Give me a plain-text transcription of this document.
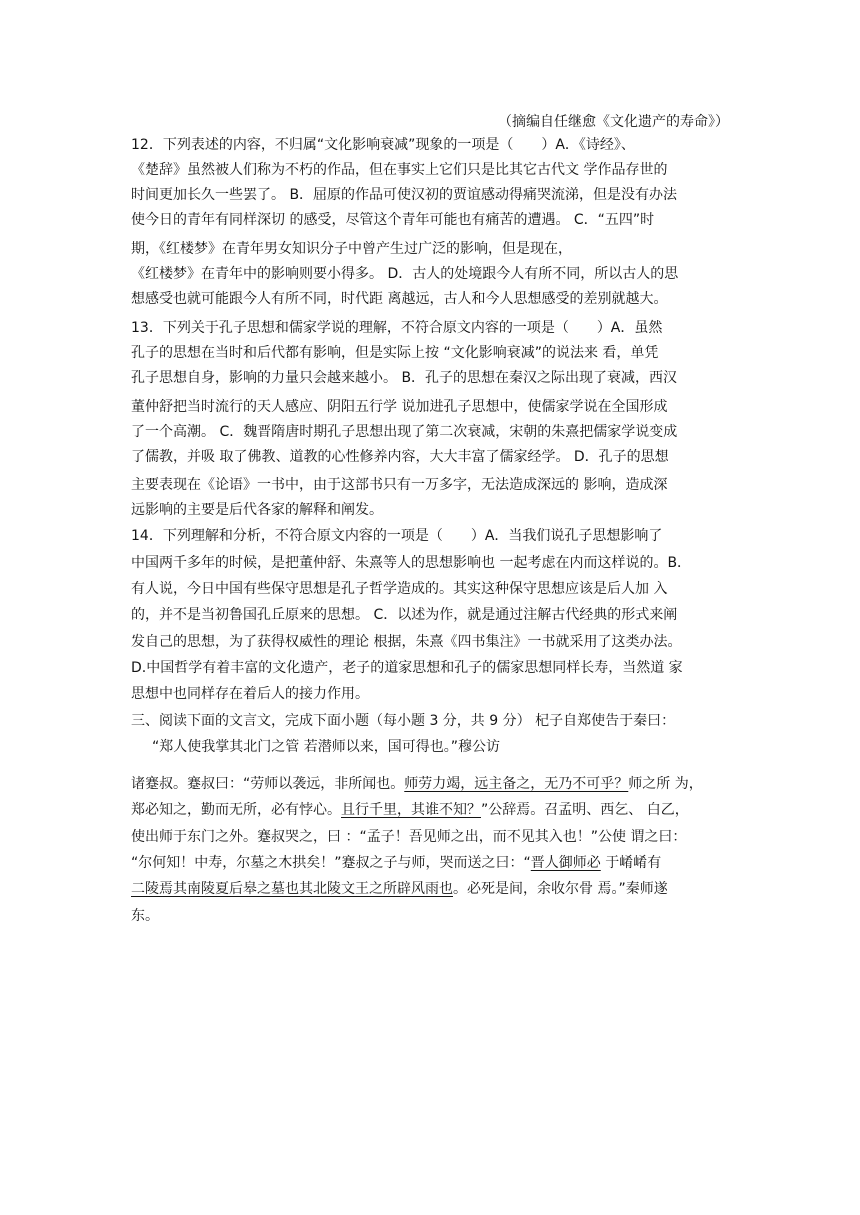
（摘编自任继愈《文化遗产的寿命》）
12．下列表述的内容，不归属“文化影响衰减”现象的一项是（　　）A．《诗经》、
《楚辞》虽然被人们称为不朽的作品，但在事实上它们只是比其它古代文 学作品存世的
时间更加长久一些罢了。 B．屈原的作品可使汉初的贾谊感动得痛哭流涕，但是没有办法
使今日的青年有同样深切 的感受，尽管这个青年可能也有痛苦的遭遇。 C．“五四”时
期，《红楼梦》在青年男女知识分子中曾产生过广泛的影响，但是现在，
《红楼梦》在青年中的影响则要小得多。 D．古人的处境跟今人有所不同，所以古人的思
想感受也就可能跟今人有所不同，时代距 离越远，古人和今人思想感受的差别就越大。
13．下列关于孔子思想和儒家学说的理解，不符合原文内容的一项是（　　）A．虽然
孔子的思想在当时和后代都有影响，但是实际上按 “文化影响衰减”的说法来 看，单凭
孔子思想自身，影响的力量只会越来越小。 B．孔子的思想在秦汉之际出现了衰减，西汉
董仲舒把当时流行的天人感应、阴阳五行学 说加进孔子思想中，使儒家学说在全国形成
了一个高潮。 C．魏晋隋唐时期孔子思想出现了第二次衰减，宋朝的朱熹把儒家学说变成
了儒教，并吸 取了佛教、道教的心性修养内容，大大丰富了儒家经学。 D．孔子的思想
主要表现在《论语》一书中，由于这部书只有一万多字，无法造成深远的 影响，造成深
远影响的主要是后代各家的解释和阐发。
14．下列理解和分析，不符合原文内容的一项是（　　）A．当我们说孔子思想影响了
中国两千多年的时候，是把董仲舒、朱熹等人的思想影响也 一起考虑在内而这样说的。B．
有人说，今日中国有些保守思想是孔子哲学造成的。其实这种保守思想应该是后人加 入
的，并不是当初鲁国孔丘原来的思想。 C．以述为作，就是通过注解古代经典的形式来阐
发自己的思想，为了获得权威性的理论 根据，朱熹《四书集注》一书就采用了这类办法。
D.中国哲学有着丰富的文化遗产，老子的道家思想和孔子的儒家思想同样长寿，当然道 家
思想中也同样存在着后人的接力作用。
三、阅读下面的文言文，完成下面小题（每小题 3 分，共 9 分） 杞子自郑使告于秦曰：
“郑人使我掌其北门之管 若潜师以来，国可得也。”穆公访
诸蹇叔。蹇叔曰：“劳师以袭远，非所闻也。师劳力竭，远主备之，无乃不可乎？师之所 为，
郑必知之，勤而无所，必有悖心。且行千里，其谁不知？”公辞焉。召孟明、西乞、 白乙，
使出师于东门之外。蹇叔哭之，曰 ：“孟子！吾见师之出，而不见其入也！”公使 谓之曰：
“尔何知！中寿，尔墓之木拱矣！”蹇叔之子与师，哭而送之曰：“晋人御师必 于崤崤有
二陵焉其南陵夏后皋之墓也其北陵文王之所辟风雨也。必死是间，余收尔骨 焉。”秦师遂
东。
